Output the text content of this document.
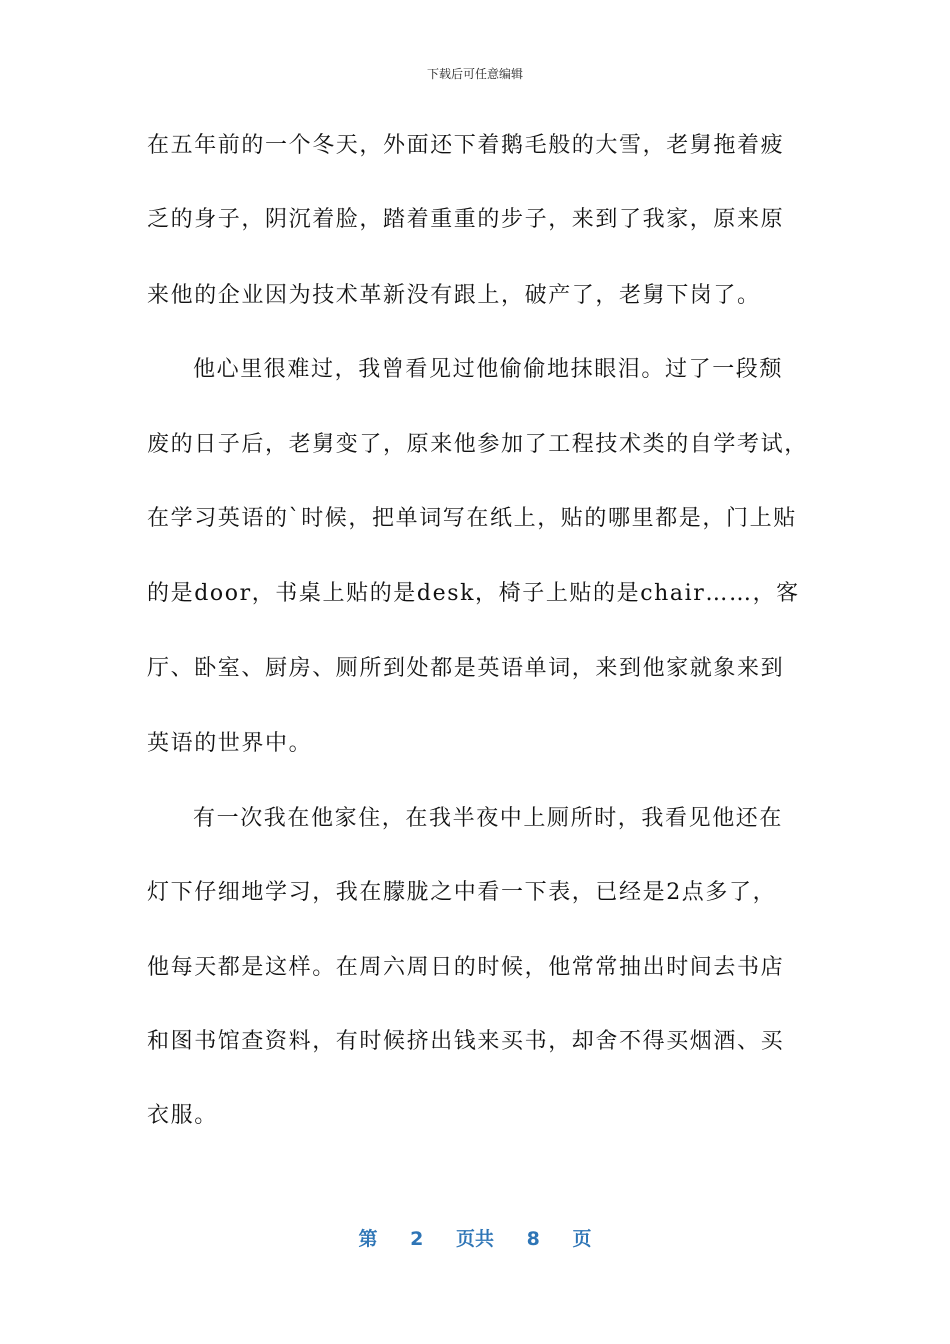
下载后可任意编辑
在五年前的一个冬天，外面还下着鹅毛般的大雪，老舅拖着疲
乏的身子，阴沉着脸，踏着重重的步子，来到了我家，原来原
来他的企业因为技术革新没有跟上，破产了，老舅下岗了。
他心里很难过，我曾看见过他偷偷地抹眼泪。过了一段颓
废的日子后，老舅变了，原来他参加了工程技术类的自学考试，
在学习英语的`时候，把单词写在纸上，贴的哪里都是，门上贴
的是door，书桌上贴的是desk，椅子上贴的是chair……，客
厅、卧室、厨房、厕所到处都是英语单词，来到他家就象来到
英语的世界中。
有一次我在他家住，在我半夜中上厕所时，我看见他还在
灯下仔细地学习，我在朦胧之中看一下表，已经是2点多了，
他每天都是这样。在周六周日的时候，他常常抽出时间去书店
和图书馆查资料，有时候挤出钱来买书，却舍不得买烟酒、买
衣服。
第 2 页共 8 页
